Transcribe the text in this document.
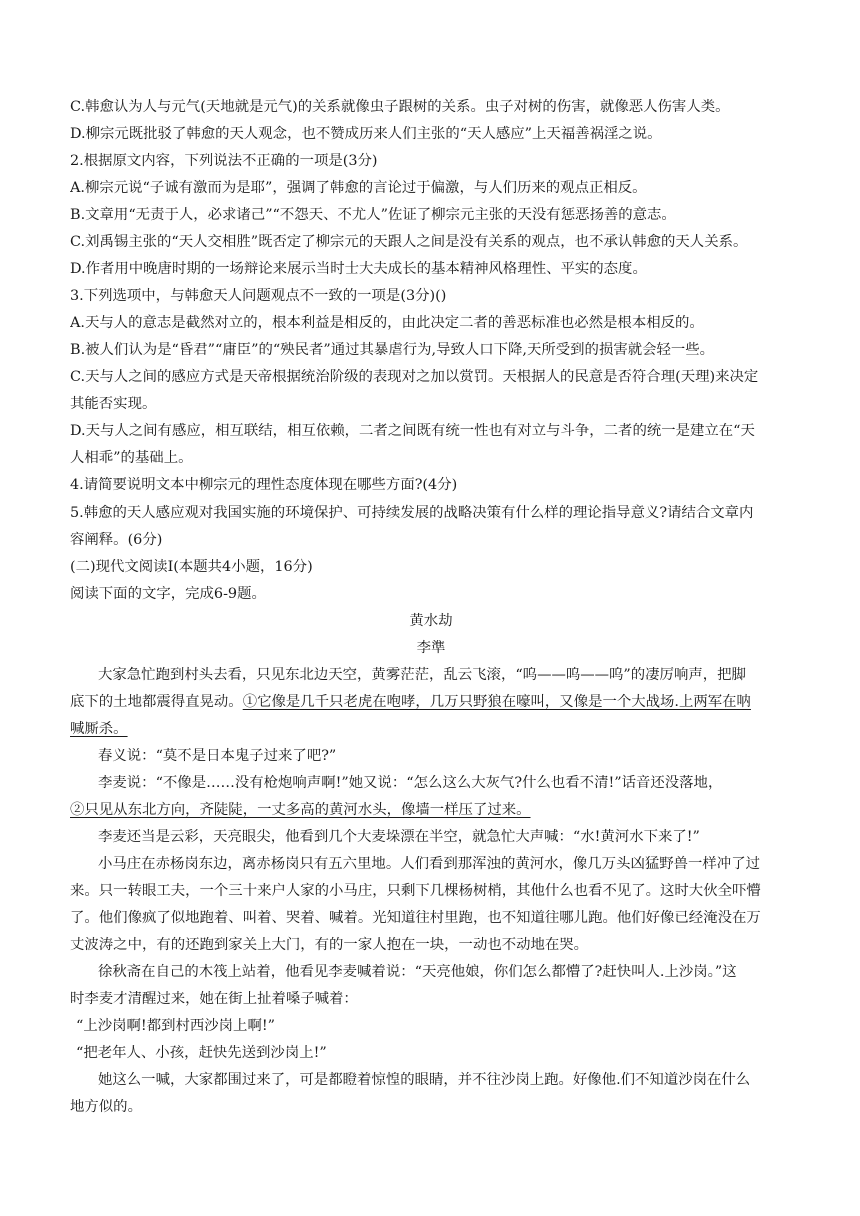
C.韩愈认为人与元气(天地就是元气)的关系就像虫子跟树的关系。虫子对树的伤害，就像恶人伤害人类。
D.柳宗元既批驳了韩愈的天人观念，也不赞成历来人们主张的“天人感应”上天福善祸淫之说。
2.根据原文内容，下列说法不正确的一项是(3分)
A.柳宗元说“子诚有激而为是耶”，强调了韩愈的言论过于偏激，与人们历来的观点正相反。
B.文章用“无责于人，必求诸己”“不怨天、不尤人”佐证了柳宗元主张的天没有惩恶扬善的意志。
C.刘禹锡主张的“天人交相胜”既否定了柳宗元的天跟人之间是没有关系的观点，也不承认韩愈的天人关系。
D.作者用中晚唐时期的一场辩论来展示当时士大夫成长的基本精神风格理性、平实的态度。
3.下列选项中，与韩愈天人问题观点不一致的一项是(3分)()
A.天与人的意志是截然对立的，根本利益是相反的，由此决定二者的善恶标准也必然是根本相反的。
B.被人们认为是“昏君”“庸臣”的“殃民者”通过其暴虐行为,导致人口下降,天所受到的损害就会轻一些。
C.天与人之间的感应方式是天帝根据统治阶级的表现对之加以赏罚。天根据人的民意是否符合理(天理)来决定
其能否实现。
D.天与人之间有感应，相互联结，相互依赖，二者之间既有统一性也有对立与斗争，二者的统一是建立在“天
人相乖”的基础上。
4.请简要说明文本中柳宗元的理性态度体现在哪些方面?(4分)
5.韩愈的天人感应观对我国实施的环境保护、可持续发展的战略决策有什么样的理论指导意义?请结合文章内
容阐释。(6分)
(二)现代文阅读Ⅰ(本题共4小题，16分)
阅读下面的文字，完成6-9题。
黄水劫
李準
大家急忙跑到村头去看，只见东北边天空，黄雾茫茫，乱云飞滚，“呜——呜——呜”的凄厉响声，把脚
底下的土地都震得直晃动。①它像是几千只老虎在咆哮，几万只野狼在嚎叫，又像是一个大战场.上两军在呐
喊厮杀。
春义说：“莫不是日本鬼子过来了吧?”
李麦说：“不像是……没有枪炮响声啊!”她又说：“怎么这么大灰气?什么也看不清!”话音还没落地，
②只见从东北方向，齐陡陡，一丈多高的黄河水头，像墙一样压了过来。
李麦还当是云彩，天亮眼尖，他看到几个大麦垛漂在半空，就急忙大声喊：“水!黄河水下来了!”
小马庄在赤杨岗东边，离赤杨岗只有五六里地。人们看到那浑浊的黄河水，像几万头凶猛野兽一样冲了过
来。只一转眼工夫，一个三十来户人家的小马庄，只剩下几棵杨树梢，其他什么也看不见了。这时大伙全吓懵
了。他们像疯了似地跑着、叫着、哭着、喊着。光知道往村里跑，也不知道往哪儿跑。他们好像已经淹没在万
丈波涛之中，有的还跑到家关上大门，有的一家人抱在一块，一动也不动地在哭。
徐秋斋在自己的木筏上站着，他看见李麦喊着说：“天亮他娘，你们怎么都懵了?赶快叫人.上沙岗。”这
时李麦才清醒过来，她在街上扯着嗓子喊着：
“上沙岗啊!都到村西沙岗上啊!”
“把老年人、小孩，赶快先送到沙岗上!”
她这么一喊，大家都围过来了，可是都瞪着惊惶的眼睛，并不往沙岗上跑。好像他.们不知道沙岗在什么
地方似的。
